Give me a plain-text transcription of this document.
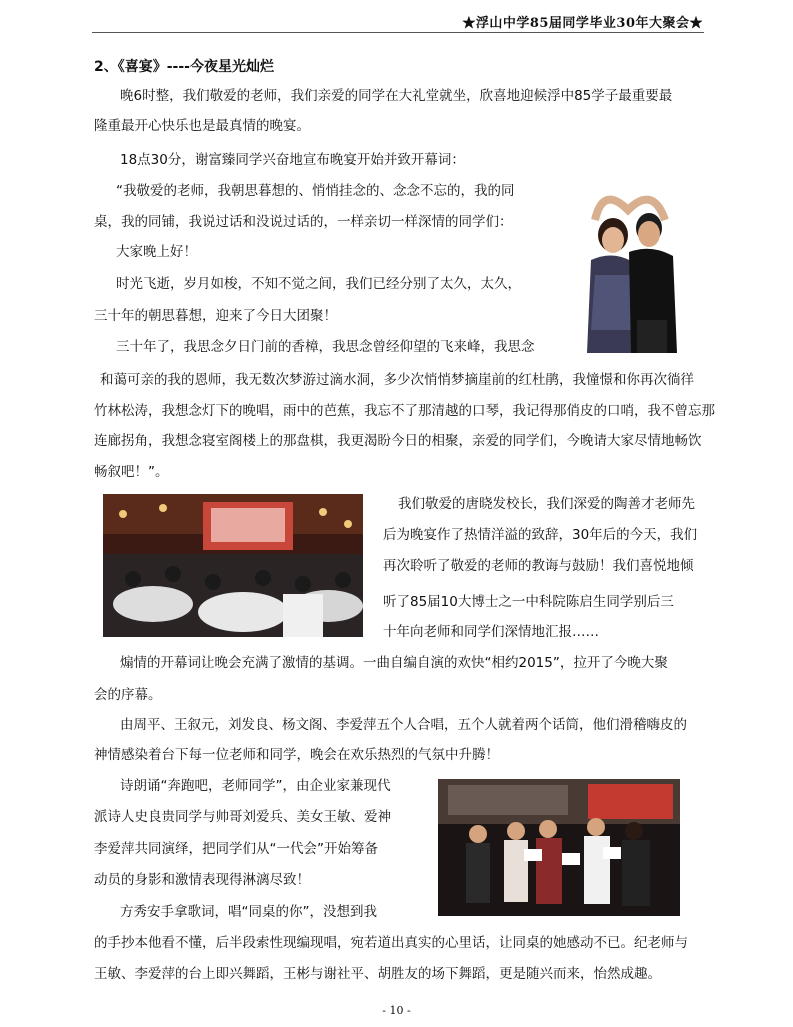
★浮山中学85届同学毕业30年大聚会★
2、《喜宴》----今夜星光灿烂
晚6时整，我们敬爱的老师，我们亲爱的同学在大礼堂就坐，欣喜地迎候浮中85学子最重要最
隆重最开心快乐也是最真情的晚宴。
18点30分，谢富臻同学兴奋地宣布晚宴开始并致开幕词：
“我敬爱的老师，我朝思暮想的、悄悄挂念的、念念不忘的，我的同
桌，我的同铺，我说过话和没说过话的，一样亲切一样深情的同学们：
大家晚上好！
时光飞逝，岁月如梭，不知不觉之间，我们已经分别了太久，太久，
三十年的朝思暮想，迎来了今日大团聚！
三十年了，我思念夕日门前的香樟，我思念曾经仰望的飞来峰，我思念
和蔼可亲的我的恩师，我无数次梦游过滴水洞，多少次悄悄梦摘崖前的红杜鹃，我憧憬和你再次徜徉
竹林松涛，我想念灯下的晚唱，雨中的芭蕉，我忘不了那清越的口琴，我记得那俏皮的口哨，我不曾忘那
连廊拐角，我想念寝室阁楼上的那盘棋，我更渴盼今日的相聚，亲爱的同学们，今晚请大家尽情地畅饮
畅叙吧！”。
我们敬爱的唐晓发校长，我们深爱的陶善才老师先
后为晚宴作了热情洋溢的致辞，30年后的今天，我们
再次聆听了敬爱的老师的教诲与鼓励！我们喜悦地倾
听了85届10大博士之一中科院陈启生同学别后三
十年向老师和同学们深情地汇报……
煽情的开幕词让晚会充满了激情的基调。一曲自编自演的欢快“相约2015”，拉开了今晚大聚
会的序幕。
由周平、王叙元，刘发良、杨文阁、李爱萍五个人合唱，五个人就着两个话筒，他们滑稽嗨皮的
神情感染着台下每一位老师和同学，晚会在欢乐热烈的气氛中升腾！
诗朗诵“奔跑吧，老师同学”，由企业家兼现代
派诗人史良贵同学与帅哥刘爱兵、美女王敏、爱神
李爱萍共同演绎，把同学们从“一代会”开始筹备
动员的身影和激情表现得淋漓尽致！
方秀安手拿歌词，唱“同桌的你”，没想到我
的手抄本他看不懂，后半段索性现编现唱，宛若道出真实的心里话，让同桌的她感动不已。纪老师与
王敏、李爱萍的台上即兴舞蹈，王彬与谢社平、胡胜友的场下舞蹈，更是随兴而来，怡然成趣。
- 10 -
